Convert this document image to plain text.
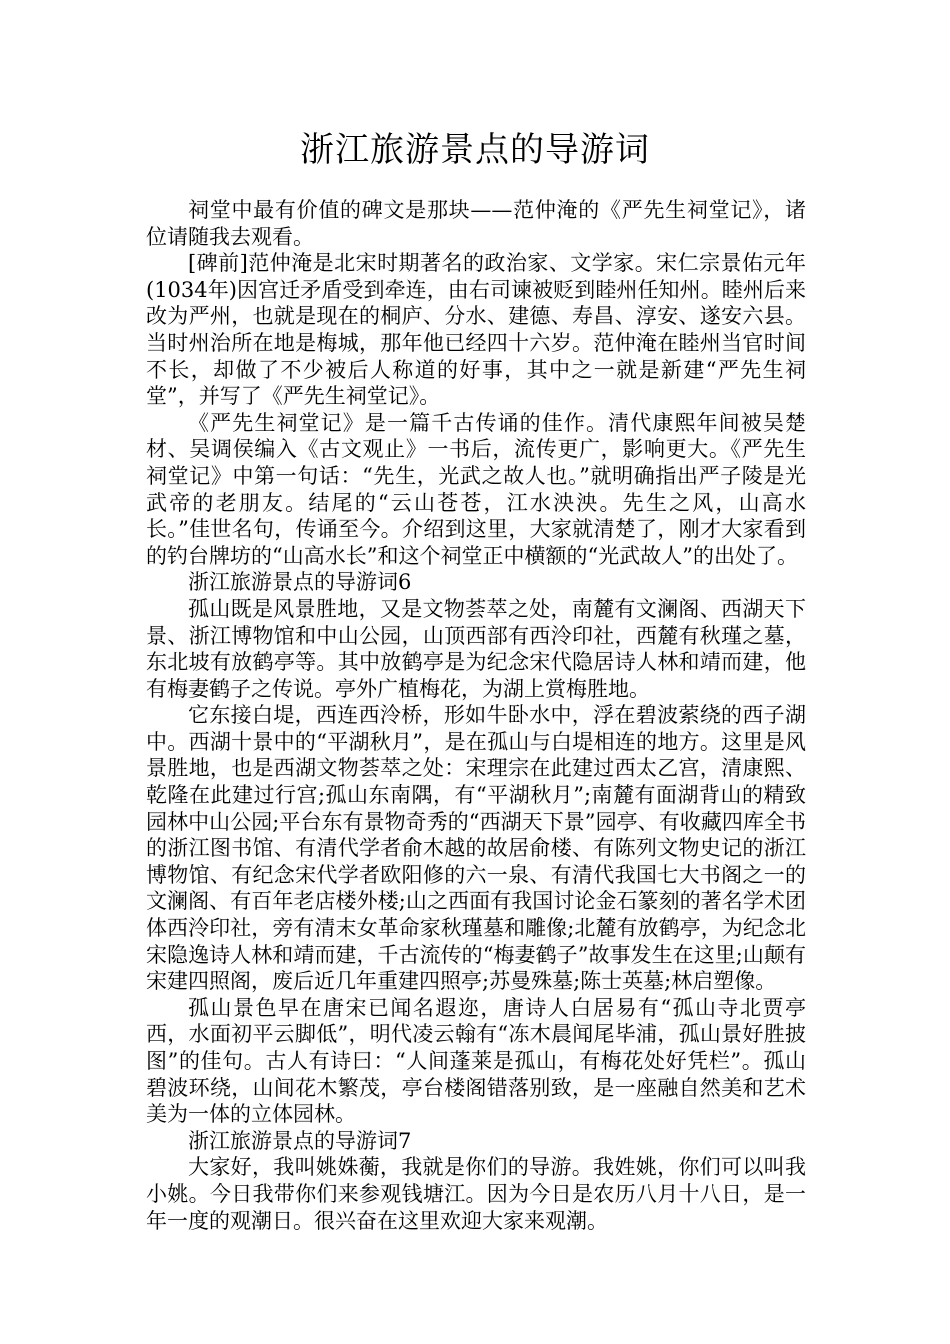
浙江旅游景点的导游词

祠堂中最有价值的碑文是那块——范仲淹的《严先生祠堂记》，诸位请随我去观看。

[碑前]范仲淹是北宋时期著名的政治家、文学家。宋仁宗景佑元年(1034年)因宫迁矛盾受到牵连，由右司谏被贬到睦州任知州。睦州后来改为严州，也就是现在的桐庐、分水、建德、寿昌、淳安、遂安六县。当时州治所在地是梅城，那年他已经四十六岁。范仲淹在睦州当官时间不长，却做了不少被后人称道的好事，其中之一就是新建“严先生祠堂”，并写了《严先生祠堂记》。

《严先生祠堂记》是一篇千古传诵的佳作。清代康熙年间被吴楚材、吴调侯编入《古文观止》一书后，流传更广，影响更大。《严先生祠堂记》中第一句话：“先生，光武之故人也。”就明确指出严子陵是光武帝的老朋友。结尾的“云山苍苍，江水泱泱。先生之风，山高水长。”佳世名句，传诵至今。介绍到这里，大家就清楚了，刚才大家看到的钓台牌坊的“山高水长”和这个祠堂正中横额的“光武故人”的出处了。

浙江旅游景点的导游词6

孤山既是风景胜地，又是文物荟萃之处，南麓有文澜阁、西湖天下景、浙江博物馆和中山公园，山顶西部有西泠印社，西麓有秋瑾之墓，东北坡有放鹤亭等。其中放鹤亭是为纪念宋代隐居诗人林和靖而建，他有梅妻鹤子之传说。亭外广植梅花，为湖上赏梅胜地。

它东接白堤，西连西泠桥，形如牛卧水中，浮在碧波萦绕的西子湖中。西湖十景中的“平湖秋月”，是在孤山与白堤相连的地方。这里是风景胜地，也是西湖文物荟萃之处：宋理宗在此建过西太乙宫，清康熙、乾隆在此建过行宫;孤山东南隅，有“平湖秋月”;南麓有面湖背山的精致园林中山公园;平台东有景物奇秀的“西湖天下景”园亭、有收藏四库全书的浙江图书馆、有清代学者俞木越的故居俞楼、有陈列文物史记的浙江博物馆、有纪念宋代学者欧阳修的六一泉、有清代我国七大书阁之一的文澜阁、有百年老店楼外楼;山之西面有我国讨论金石篆刻的著名学术团体西泠印社，旁有清末女革命家秋瑾墓和雕像;北麓有放鹤亭，为纪念北宋隐逸诗人林和靖而建，千古流传的“梅妻鹤子”故事发生在这里;山颠有宋建四照阁，废后近几年重建四照亭;苏曼殊墓;陈士英墓;林启塑像。

孤山景色早在唐宋已闻名遐迩，唐诗人白居易有“孤山寺北贾亭西，水面初平云脚低”，明代凌云翰有“冻木晨闻尾毕浦，孤山景好胜披图”的佳句。古人有诗曰：“人间蓬莱是孤山，有梅花处好凭栏”。孤山碧波环绕，山间花木繁茂，亭台楼阁错落别致，是一座融自然美和艺术美为一体的立体园林。

浙江旅游景点的导游词7

大家好，我叫姚姝蘅，我就是你们的导游。我姓姚，你们可以叫我小姚。今日我带你们来参观钱塘江。因为今日是农历八月十八日，是一年一度的观潮日。很兴奋在这里欢迎大家来观潮。
